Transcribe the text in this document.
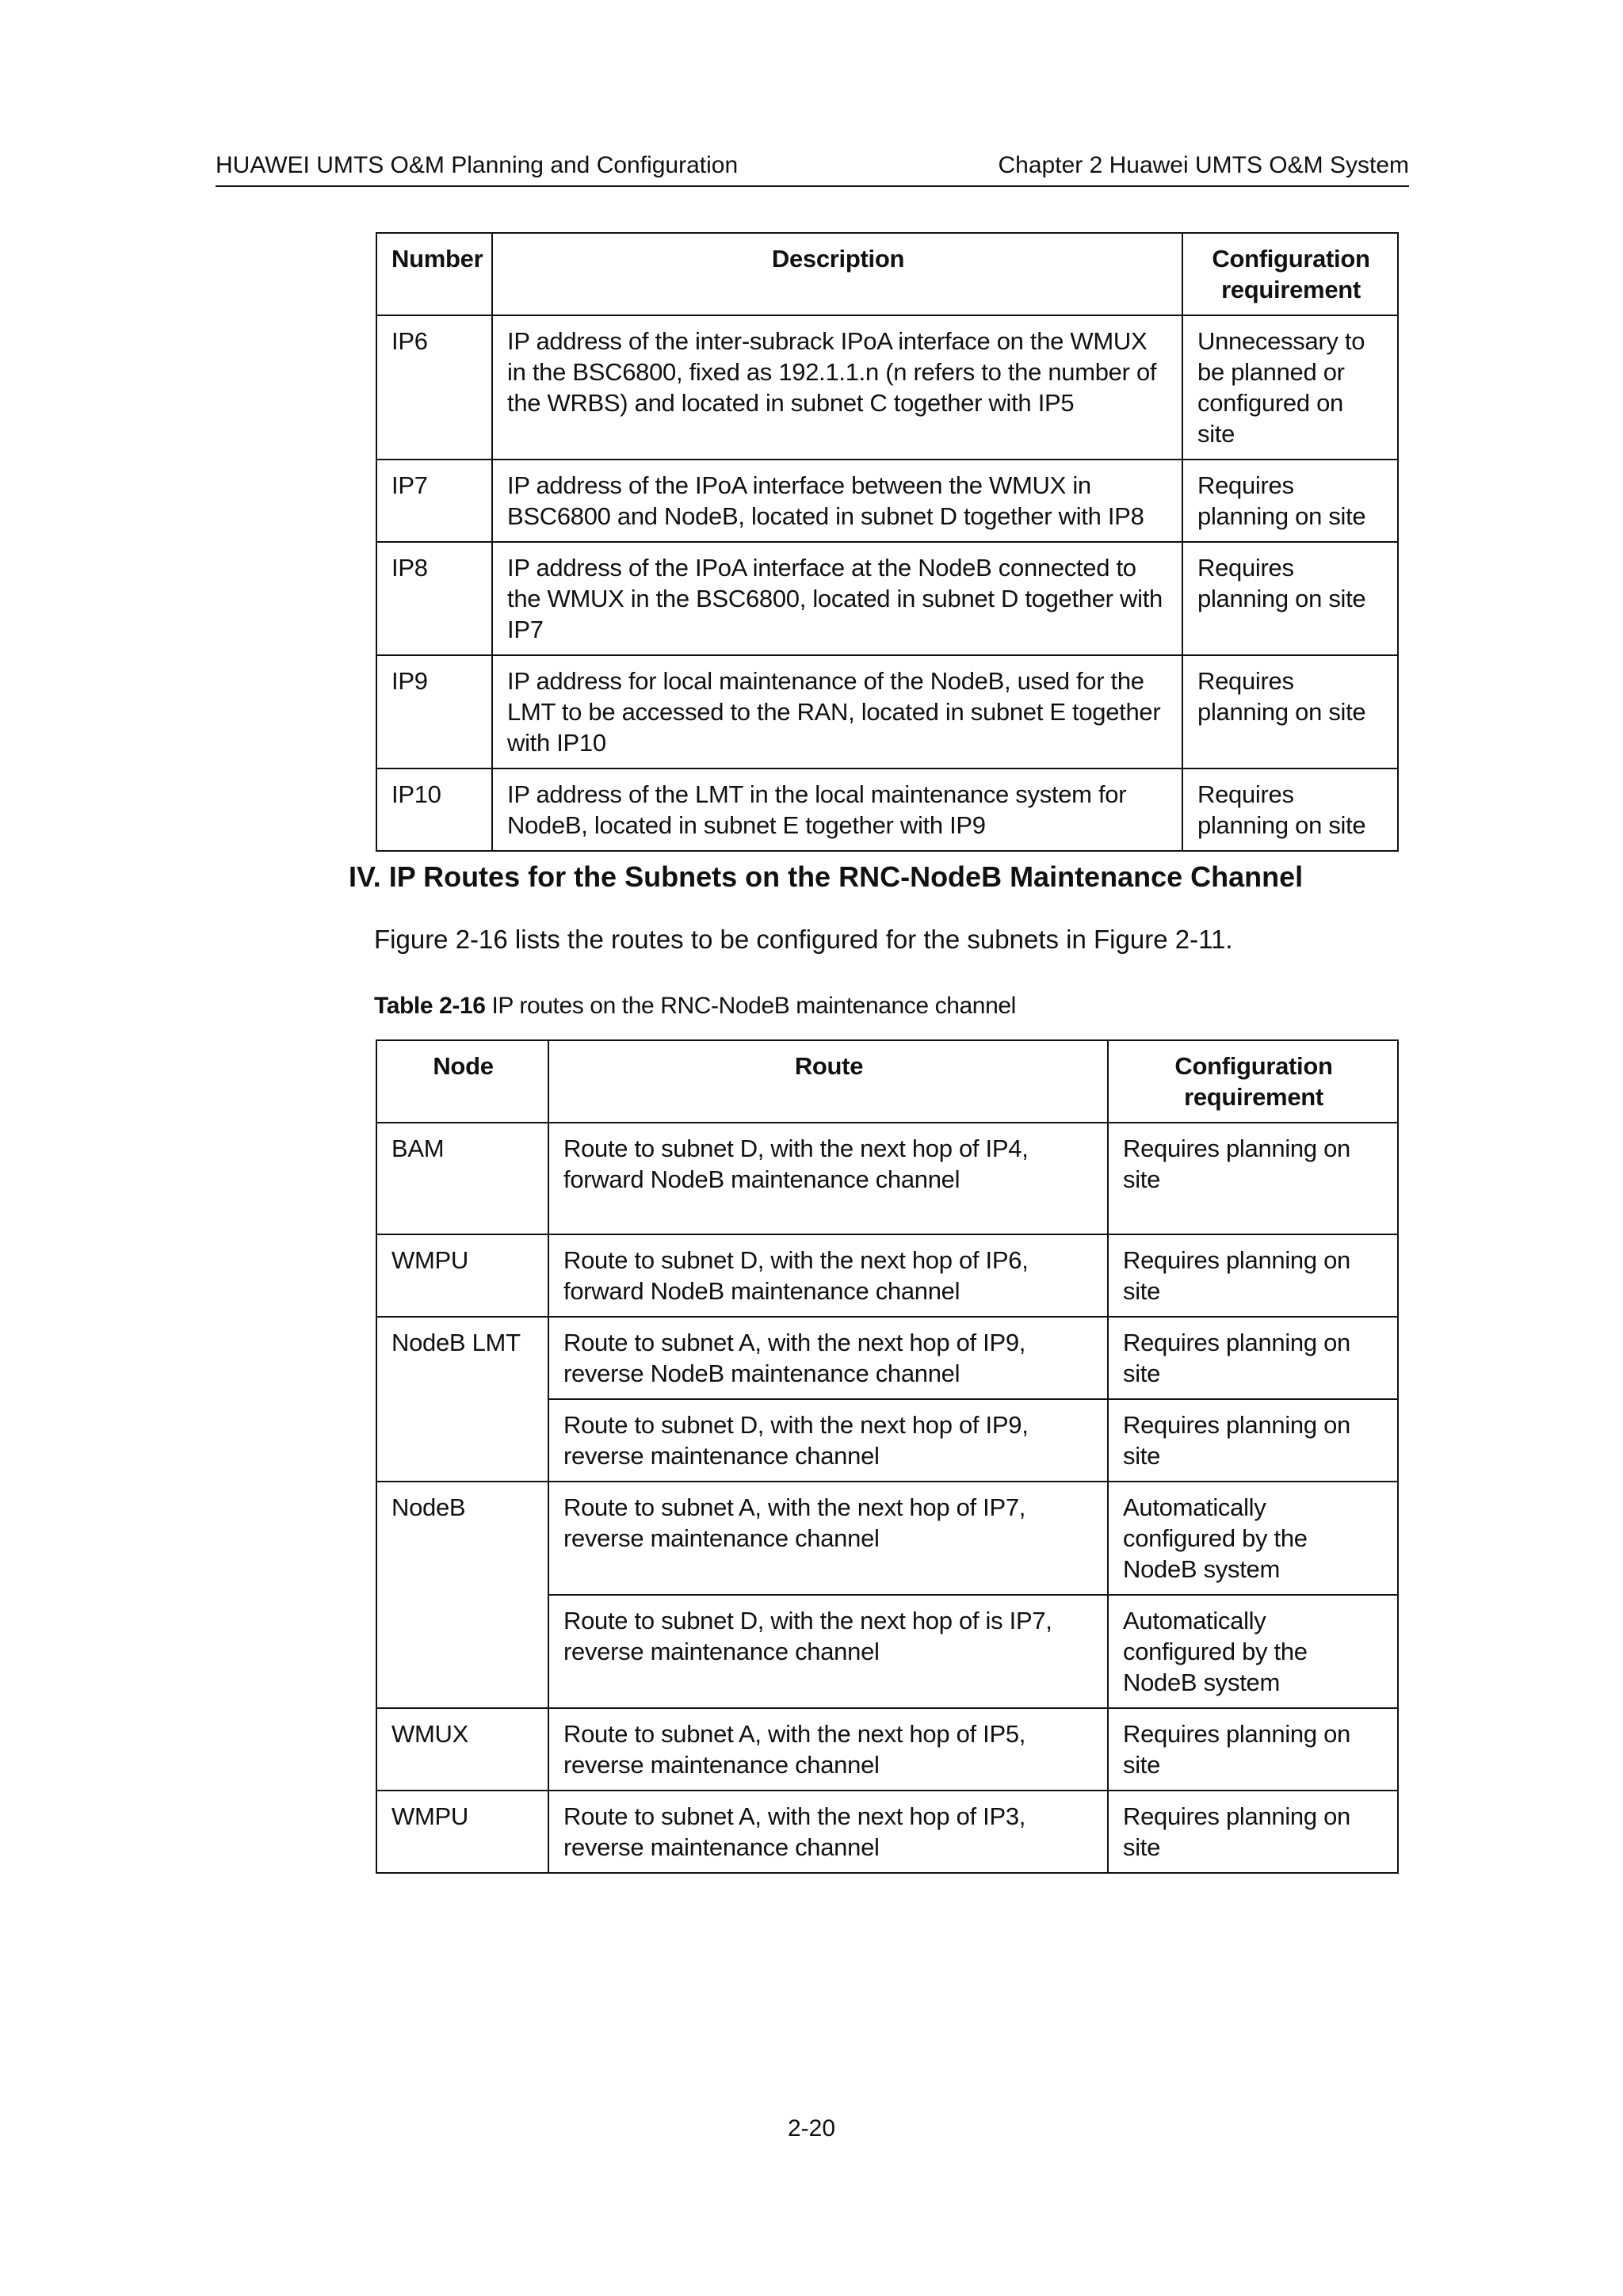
HUAWEI UMTS O&M Planning and Configuration	Chapter 2 Huawei UMTS O&M System
Number	Description	Configuration requirement
IP6	IP address of the inter-subrack IPoA interface on the WMUX in the BSC6800, fixed as 192.1.1.n (n refers to the number of the WRBS) and located in subnet C together with IP5	Unnecessary to be planned or configured on site
IP7	IP address of the IPoA interface between the WMUX in BSC6800 and NodeB, located in subnet D together with IP8	Requires planning on site
IP8	IP address of the IPoA interface at the NodeB connected to the WMUX in the BSC6800, located in subnet D together with IP7	Requires planning on site
IP9	IP address for local maintenance of the NodeB, used for the LMT to be accessed to the RAN, located in subnet E together with IP10	Requires planning on site
IP10	IP address of the LMT in the local maintenance system for NodeB, located in subnet E together with IP9	Requires planning on site
IV. IP Routes for the Subnets on the RNC-NodeB Maintenance Channel
Figure 2-16 lists the routes to be configured for the subnets in Figure 2-11.
Table 2-16 IP routes on the RNC-NodeB maintenance channel
Node	Route	Configuration requirement
BAM	Route to subnet D, with the next hop of IP4, forward NodeB maintenance channel	Requires planning on site
WMPU	Route to subnet D, with the next hop of IP6, forward NodeB maintenance channel	Requires planning on site
NodeB LMT	Route to subnet A, with the next hop of IP9, reverse NodeB maintenance channel	Requires planning on site
	Route to subnet D, with the next hop of IP9, reverse maintenance channel	Requires planning on site
NodeB	Route to subnet A, with the next hop of IP7, reverse maintenance channel	Automatically configured by the NodeB system
	Route to subnet D, with the next hop of is IP7, reverse maintenance channel	Automatically configured by the NodeB system
WMUX	Route to subnet A, with the next hop of IP5, reverse maintenance channel	Requires planning on site
WMPU	Route to subnet A, with the next hop of IP3, reverse maintenance channel	Requires planning on site
2-20
